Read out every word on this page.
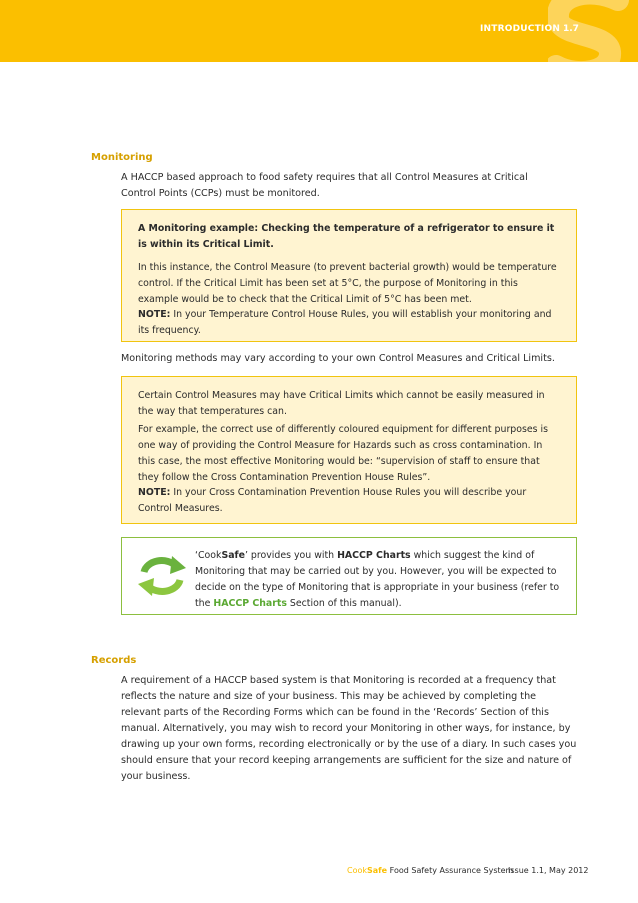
INTRODUCTION 1.7
Monitoring
A HACCP based approach to food safety requires that all Control Measures at Critical Control Points (CCPs) must be monitored.

A Monitoring example: Checking the temperature of a refrigerator to ensure it is within its Critical Limit.

In this instance, the Control Measure (to prevent bacterial growth) would be temperature control. If the Critical Limit has been set at 5°C, the purpose of Monitoring in this example would be to check that the Critical Limit of 5°C has been met.

NOTE: In your Temperature Control House Rules, you will establish your monitoring and its frequency.

Monitoring methods may vary according to your own Control Measures and Critical Limits.

Certain Control Measures may have Critical Limits which cannot be easily measured in the way that temperatures can.

For example, the correct use of differently coloured equipment for different purposes is one way of providing the Control Measure for Hazards such as cross contamination. In this case, the most effective Monitoring would be: “supervision of staff to ensure that they follow the Cross Contamination Prevention House Rules”.

NOTE: In your Cross Contamination Prevention House Rules you will describe your Control Measures.

‘CookSafe’ provides you with HACCP Charts which suggest the kind of Monitoring that may be carried out by you. However, you will be expected to decide on the type of Monitoring that is appropriate in your business (refer to the HACCP Charts Section of this manual).
Records
A requirement of a HACCP based system is that Monitoring is recorded at a frequency that reflects the nature and size of your business. This may be achieved by completing the relevant parts of the Recording Forms which can be found in the ‘Records’ Section of this manual. Alternatively, you may wish to record your Monitoring in other ways, for instance, by drawing up your own forms, recording electronically or by the use of a diary. In such cases you should ensure that your record keeping arrangements are sufficient for the size and nature of your business.
CookSafe Food Safety Assurance System
Issue 1.1, May 2012
